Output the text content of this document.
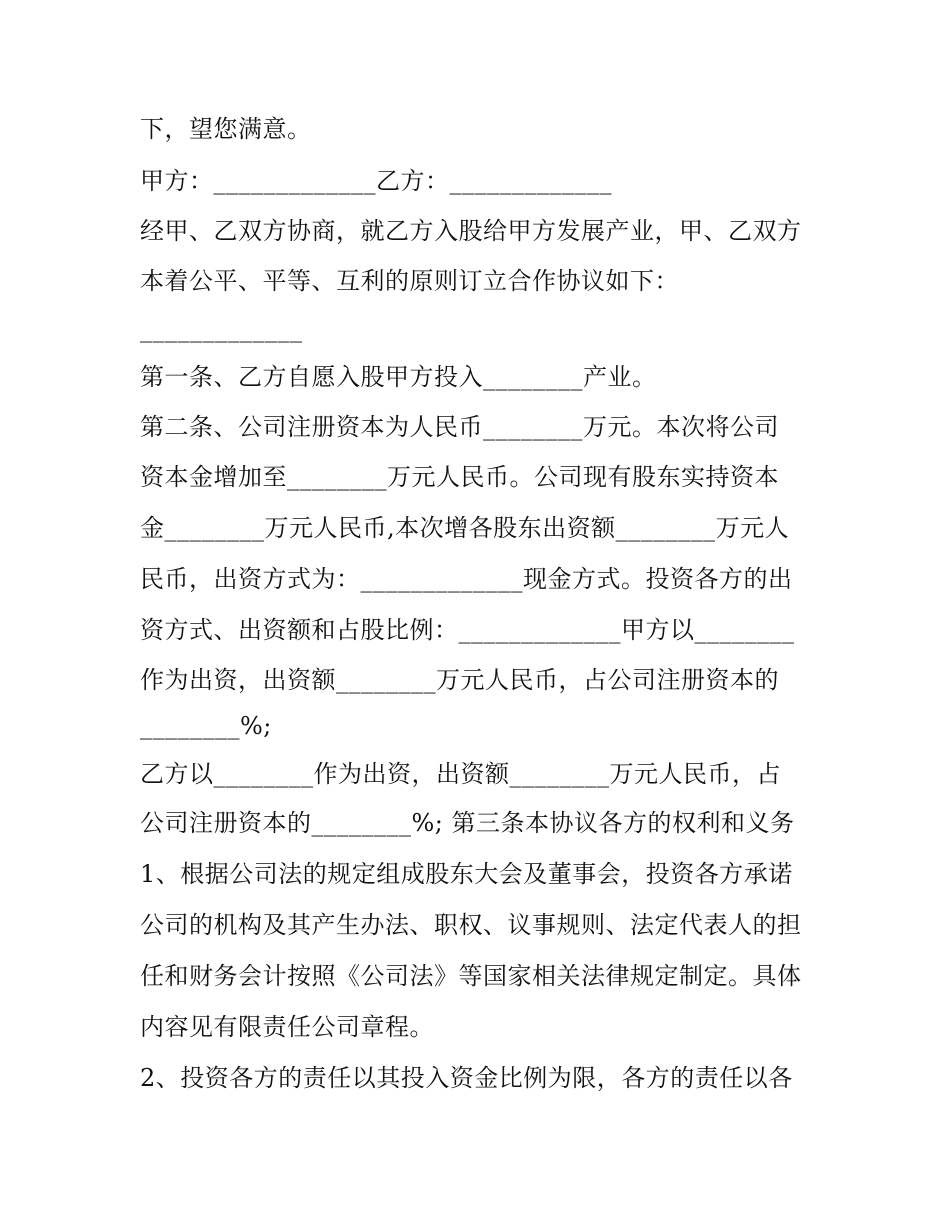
下，望您满意。
甲方：_____________乙方：_____________
经甲、乙双方协商，就乙方入股给甲方发展产业，甲、乙双方
本着公平、平等、互利的原则订立合作协议如下：
_____________
第一条、乙方自愿入股甲方投入________产业。
第二条、公司注册资本为人民币________万元。本次将公司
资本金增加至________万元人民币。公司现有股东实持资本
金________万元人民币,本次增各股东出资额________万元人
民币，出资方式为：_____________现金方式。投资各方的出
资方式、出资额和占股比例：_____________甲方以________
作为出资，出资额________万元人民币，占公司注册资本的
________%;
乙方以________作为出资，出资额________万元人民币，占
公司注册资本的________%; 第三条本协议各方的权利和义务
1、根据公司法的规定组成股东大会及董事会，投资各方承诺
公司的机构及其产生办法、职权、议事规则、法定代表人的担
任和财务会计按照《公司法》等国家相关法律规定制定。具体
内容见有限责任公司章程。
2、投资各方的责任以其投入资金比例为限，各方的责任以各
